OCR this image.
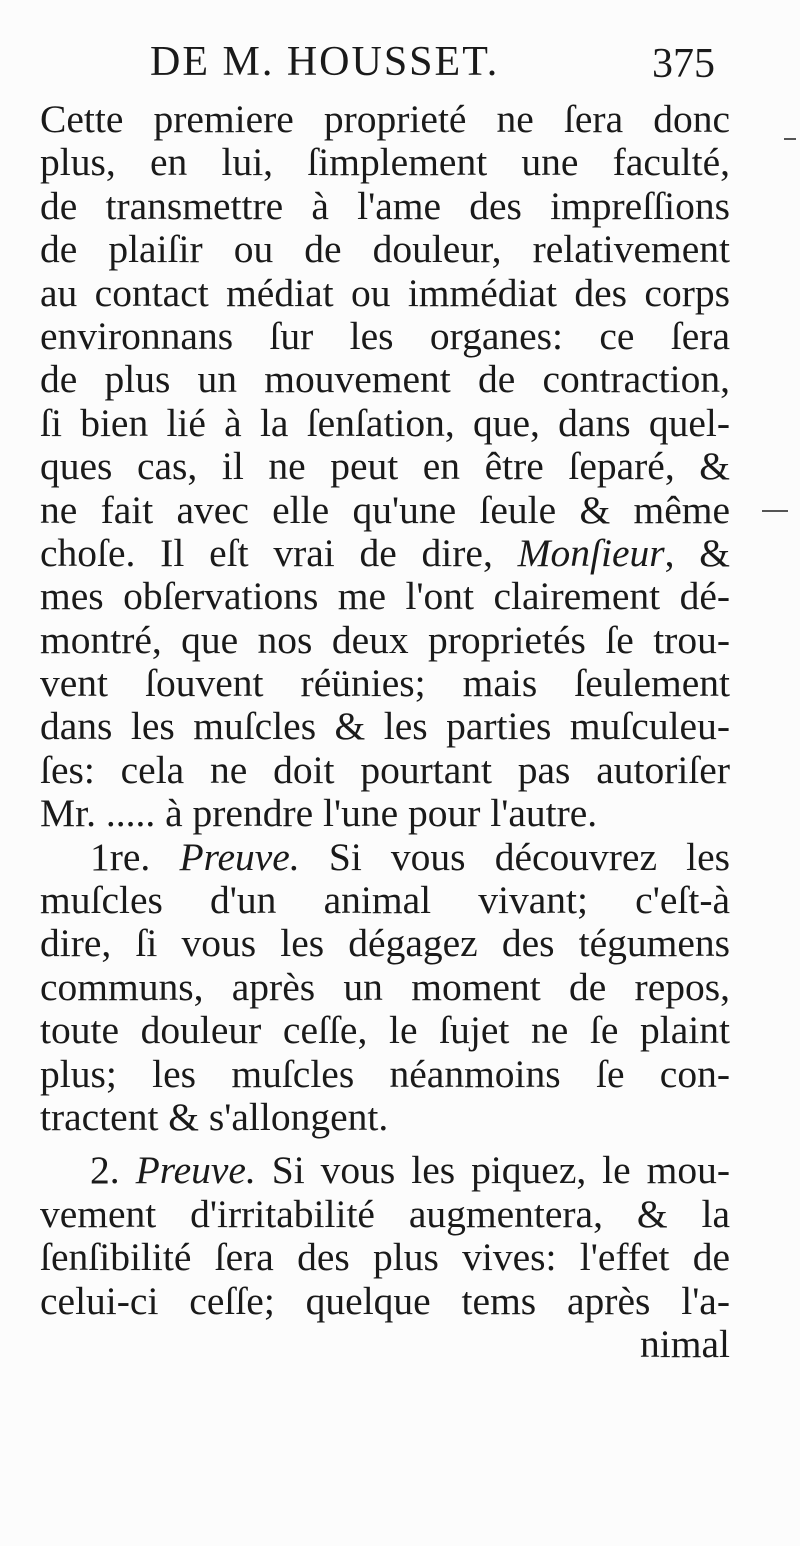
DE M. HOUSSET.	375
Cette premiere proprieté ne ſera donc
plus, en lui, ſimplement une faculté,
de transmettre à l'ame des impreſſions
de plaiſir ou de douleur, relativement
au contact médiat ou immédiat des corps
environnans ſur les organes: ce ſera
de plus un mouvement de contraction,
ſi bien lié à la ſenſation, que, dans quel-
ques cas, il ne peut en être ſeparé, &
ne fait avec elle qu'une ſeule & même
choſe. Il eſt vrai de dire, Monſieur, &
mes obſervations me l'ont clairement dé-
montré, que nos deux proprietés ſe trou-
vent ſouvent réünies; mais ſeulement
dans les muſcles & les parties muſculeu-
ſes: cela ne doit pourtant pas autoriſer
Mr. ..... à prendre l'une pour l'autre.
1re. Preuve. Si vous découvrez les
muſcles d'un animal vivant; c'eſt-à
dire, ſi vous les dégagez des tégumens
communs, après un moment de repos,
toute douleur ceſſe, le ſujet ne ſe plaint
plus; les muſcles néanmoins ſe con-
tractent & s'allongent.
2. Preuve. Si vous les piquez, le mou-
vement d'irritabilité augmentera, & la
ſenſibilité ſera des plus vives: l'effet de
celui-ci ceſſe; quelque tems après l'a-
nimal
